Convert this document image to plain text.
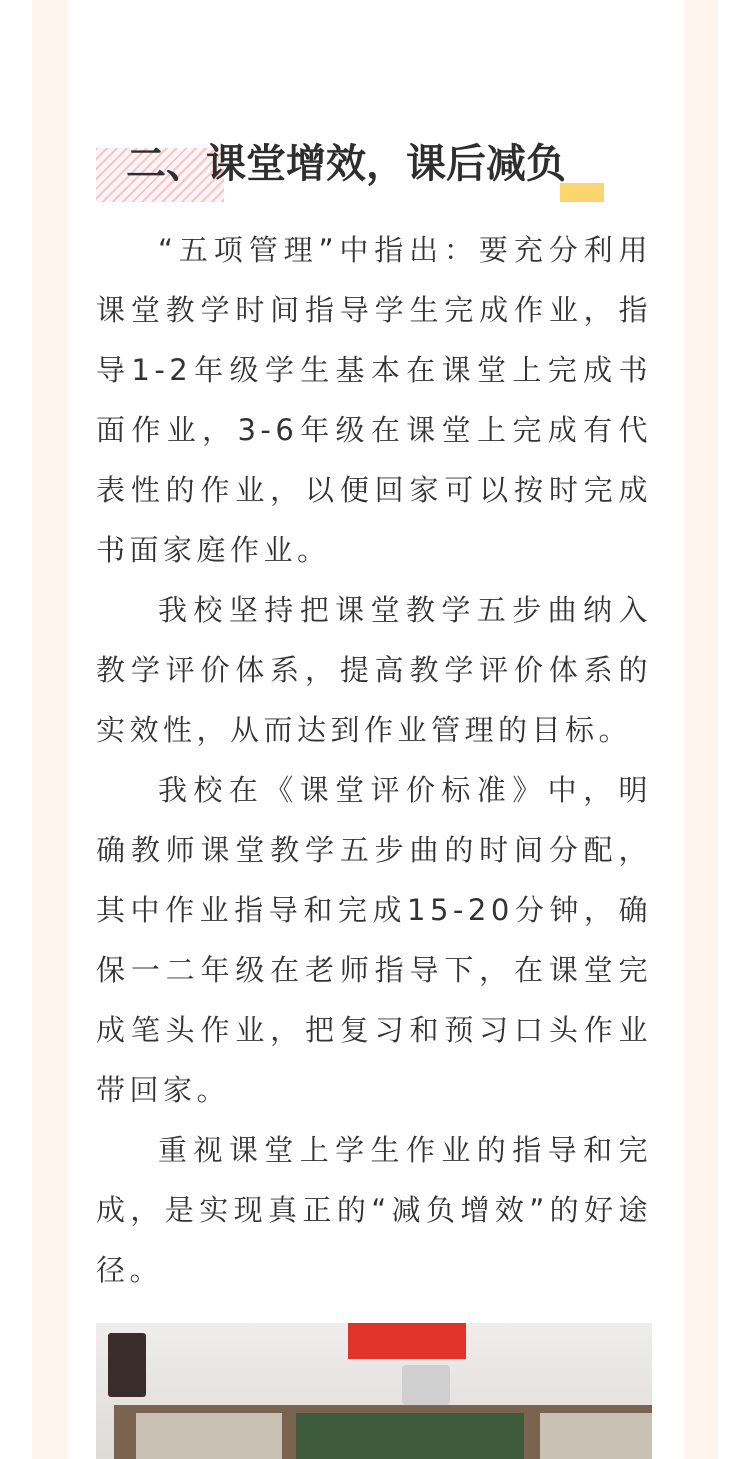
二、课堂增效，课后减负

“五项管理”中指出：要充分利用课堂教学时间指导学生完成作业，指导1-2年级学生基本在课堂上完成书面作业，3-6年级在课堂上完成有代表性的作业，以便回家可以按时完成书面家庭作业。

我校坚持把课堂教学五步曲纳入教学评价体系，提高教学评价体系的实效性，从而达到作业管理的目标。

我校在《课堂评价标准》中，明确教师课堂教学五步曲的时间分配，其中作业指导和完成15-20分钟，确保一二年级在老师指导下，在课堂完成笔头作业，把复习和预习口头作业带回家。

重视课堂上学生作业的指导和完成，是实现真正的“减负增效”的好途径。
